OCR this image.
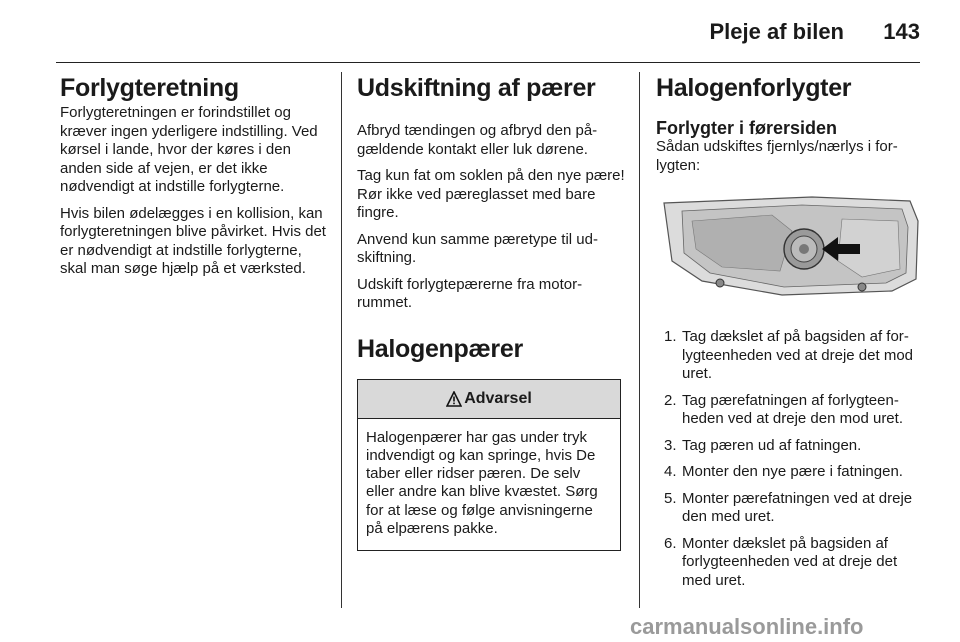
Pleje af bilen 143
Forlygteretning

Forlygteretningen er forindstillet og kræver ingen yderligere indstilling. Ved kørsel i lande, hvor der køres i den anden side af vejen, er det ikke nødvendigt at indstille forlygterne.

Hvis bilen ødelægges i en kollision, kan forlygteretningen blive påvirket. Hvis det er nødvendigt at indstille forlygterne, skal man søge hjælp på et værksted.

Udskiftning af pærer

Afbryd tændingen og afbryd den pågældende kontakt eller luk dørene.

Tag kun fat om soklen på den nye pære! Rør ikke ved pæreglasset med bare fingre.

Anvend kun samme pæretype til udskiftning.

Udskift forlygtepærerne fra motorrummet.

Halogenpærer
Advarsel
Halogenpærer har gas under tryk indvendigt og kan springe, hvis De taber eller ridser pæren. De selv eller andre kan blive kvæstet. Sørg for at læse og følge anvisningerne på elpærens pakke.
Halogenforlygter
Forlygter i førersiden

Sådan udskiftes fjernlys/nærlys i forlygten:

1. Tag dækslet af på bagsiden af forlygteenheden ved at dreje det mod uret.
2. Tag pærefatningen af forlygteenheden ved at dreje den mod uret.
3. Tag pæren ud af fatningen.
4. Monter den nye pære i fatningen.
5. Monter pærefatningen ved at dreje den med uret.
6. Monter dækslet på bagsiden af forlygteenheden ved at dreje det med uret.
carmanualsonline.info
